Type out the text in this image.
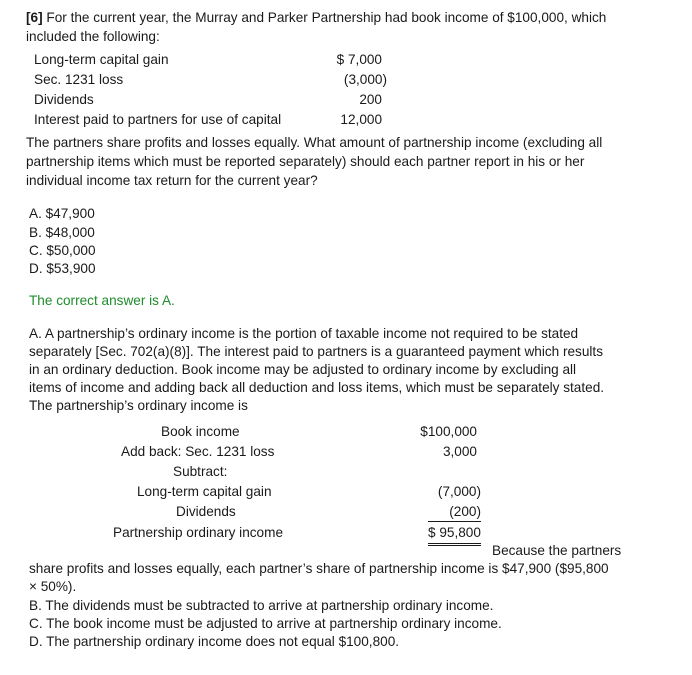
[6] For the current year, the Murray and Parker Partnership had book income of $100,000, which
included the following:
Long-term capital gain	$ 7,000
Sec. 1231 loss	(3,000)
Dividends	200
Interest paid to partners for use of capital	12,000
The partners share profits and losses equally. What amount of partnership income (excluding all
partnership items which must be reported separately) should each partner report in his or her
individual income tax return for the current year?
A. $47,900
B. $48,000
C. $50,000
D. $53,900
The correct answer is A.
A. A partnership’s ordinary income is the portion of taxable income not required to be stated
separately [Sec. 702(a)(8)]. The interest paid to partners is a guaranteed payment which results
in an ordinary deduction. Book income may be adjusted to ordinary income by excluding all
items of income and adding back all deduction and loss items, which must be separately stated.
The partnership’s ordinary income is
Book income	$100,000
Add back: Sec. 1231 loss	3,000
Subtract:
Long-term capital gain	(7,000)
Dividends	(200)
Partnership ordinary income	$ 95,800
Because the partners
share profits and losses equally, each partner’s share of partnership income is $47,900 ($95,800
× 50%).
B. The dividends must be subtracted to arrive at partnership ordinary income.
C. The book income must be adjusted to arrive at partnership ordinary income.
D. The partnership ordinary income does not equal $100,800.
